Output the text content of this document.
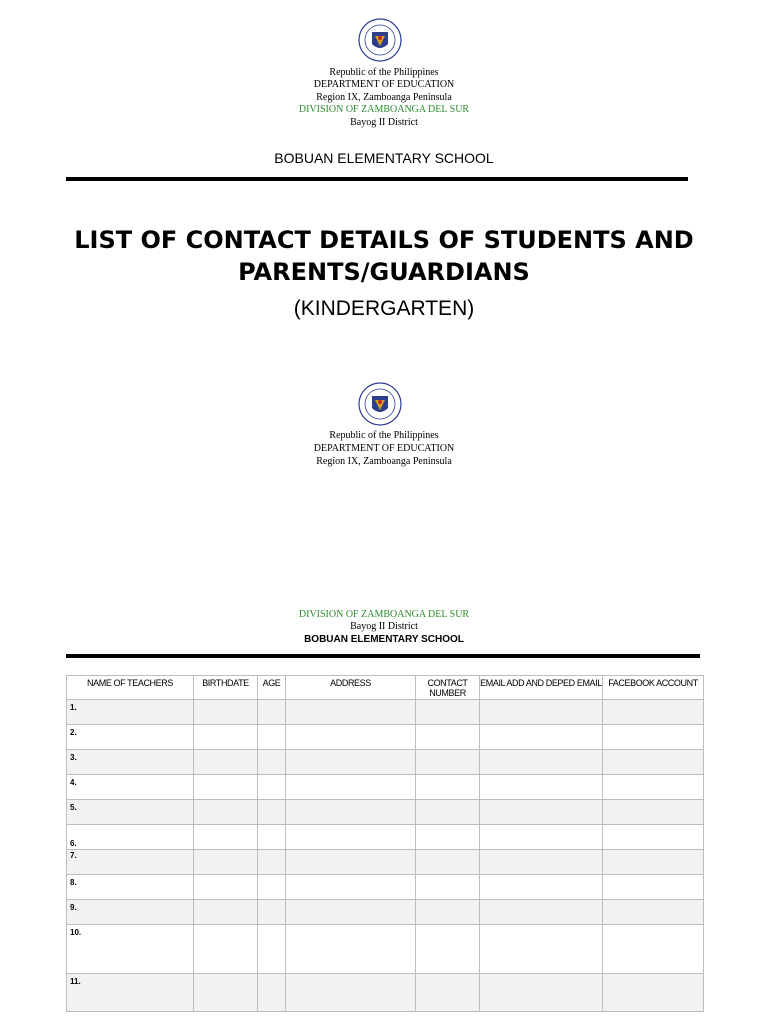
Republic of the Philippines
DEPARTMENT OF EDUCATION
Region IX, Zamboanga Peninsula
DIVISION OF ZAMBOANGA DEL SUR
Bayog II District
BOBUAN ELEMENTARY SCHOOL
LIST OF CONTACT DETAILS OF STUDENTS AND
PARENTS/GUARDIANS
(KINDERGARTEN)
Republic of the Philippines
DEPARTMENT OF EDUCATION
Region IX, Zamboanga Peninsula
DIVISION OF ZAMBOANGA DEL SUR
Bayog II District
BOBUAN ELEMENTARY SCHOOL
NAME OF TEACHERS	BIRTHDATE	AGE	ADDRESS	CONTACT NUMBER	EMAIL ADD AND DEPED EMAIL	FACEBOOK ACCOUNT

1.						

2.						

3.						

4.						

5.						

6.						

7.						

8.						

9.						

10.						

11.						
